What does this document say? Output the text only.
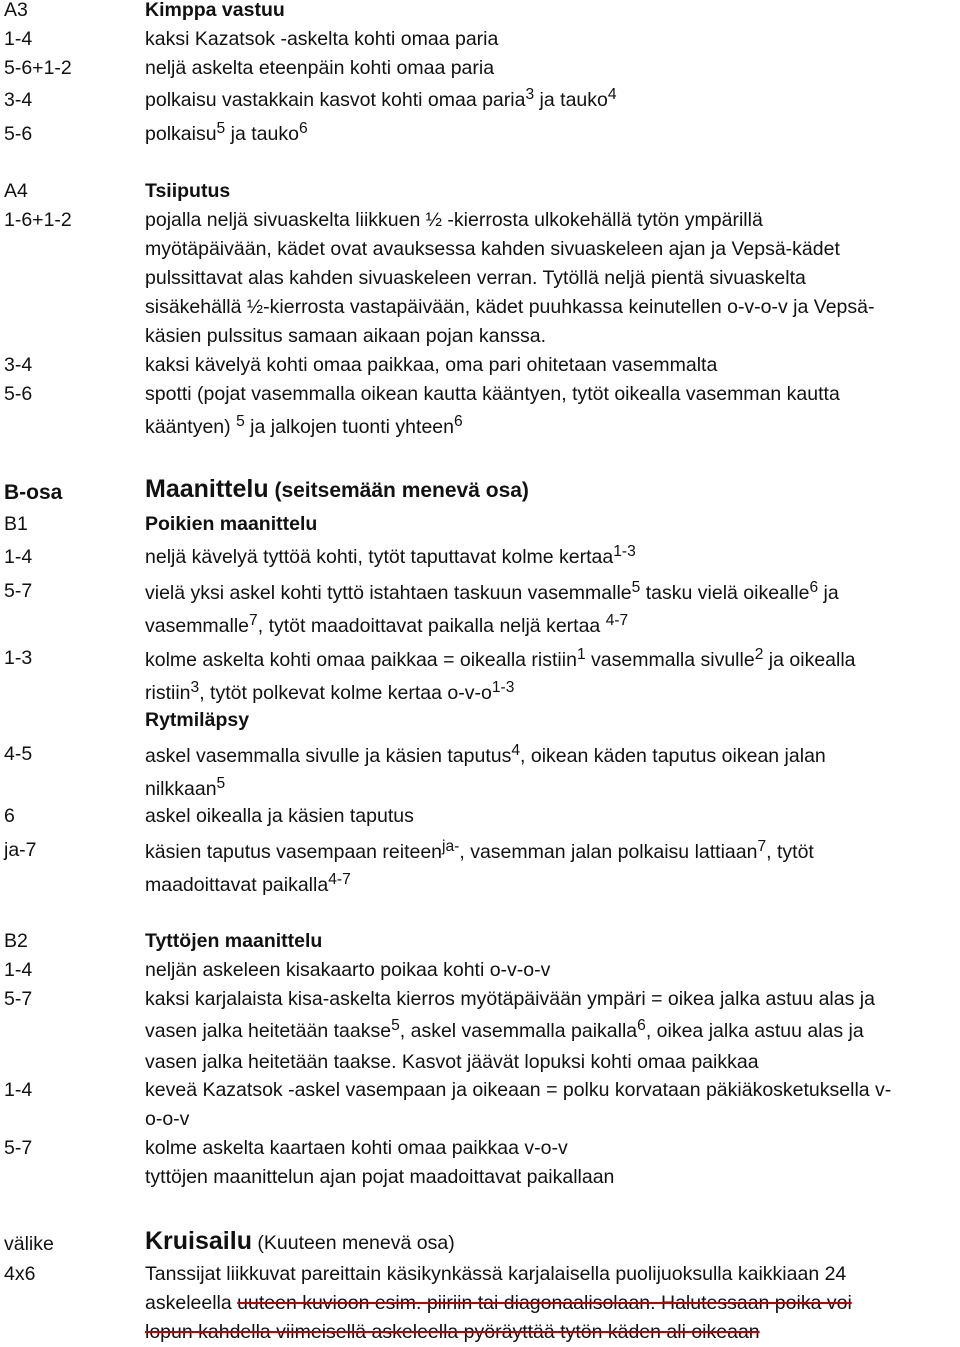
A3	Kimppa vastuu
1-4	kaksi Kazatsok -askelta kohti omaa paria
5-6+1-2	neljä askelta eteenpäin kohti omaa paria
3-4	polkaisu vastakkain kasvot kohti omaa paria$^3$ ja tauko$^4$
5-6	polkaisu$^5$ ja tauko$^6$
A4	Tsiiputus
1-6+1-2	pojalla neljä sivuaskelta liikkuen ½ -kierrosta ulkokehällä tytön ympärillä
myötäpäivään, kädet ovat avauksessa kahden sivuaskeleen ajan ja Vepsä-kädet
pulssittavat alas kahden sivuaskeleen verran. Tytöllä neljä pientä sivuaskelta
sisäkehällä ½-kierrosta vastapäivään, kädet puuhkassa keinutellen o-v-o-v ja Vepsä-
käsien pulssitus samaan aikaan pojan kanssa.
3-4	kaksi kävelyä kohti omaa paikkaa, oma pari ohitetaan vasemmalta
5-6	spotti (pojat vasemmalla oikean kautta kääntyen, tytöt oikealla vasemman kautta
kääntyen) $^5$ ja jalkojen tuonti yhteen$^6$
B-osa	Maanittelu (seitsemään menevä osa)
B1	Poikien maanittelu
1-4	neljä kävelyä tyttöä kohti, tytöt taputtavat kolme kertaa$^{1-3}$
5-7	vielä yksi askel kohti tyttö istahtaen taskuun vasemmalle$^5$ tasku vielä oikealle$^6$ ja
vasemmalle$^7$, tytöt maadoittavat paikalla neljä kertaa $^{4-7}$
1-3	kolme askelta kohti omaa paikkaa = oikealla ristiin$^1$ vasemmalla sivulle$^2$ ja oikealla
ristiin$^3$, tytöt polkevat kolme kertaa $o-v-o^{1-3}$
Rytmiläpsy
4-5	askel vasemmalla sivulle ja käsien taputus$^4$, oikean käden taputus oikean jalan
nilkkaan$^5$
6	askel oikealla ja käsien taputus
ja-7	käsien taputus vasempaan reiteen$^{ja-}$, vasemman jalan polkaisu lattiaan$^7$, tytöt
maadoittavat paikalla$^{4-7}$
B2	Tyttöjen maanittelu
1-4	neljän askeleen kisakaarto poikaa kohti o-v-o-v
5-7	kaksi karjalaista kisa-askelta kierros myötäpäivään ympäri = oikea jalka astuu alas ja
vasen jalka heitetään taakse$^5$, askel vasemmalla paikalla$^6$, oikea jalka astuu alas ja
vasen jalka heitetään taakse. Kasvot jäävät lopuksi kohti omaa paikkaa
1-4	keveä Kazatsok -askel vasempaan ja oikeaan = polku korvataan päkiäkosketuksella v-
o-o-v
5-7	kolme askelta kaartaen kohti omaa paikkaa v-o-v
tyttöjen maanittelun ajan pojat maadoittavat paikallaan
välike	Kruisailu (Kuuteen menevä osa)
4x6	Tanssijat liikkuvat pareittain käsikynkässä karjalaisella puolijuoksulla kaikkiaan 24
askeleella uuteen kuvioon esim. piiriin tai diagonaalisolaan. Halutessaan poika voi
lopun kahdella viimeisellä askeleella pyöräyttää tytön käden ali oikeaan
